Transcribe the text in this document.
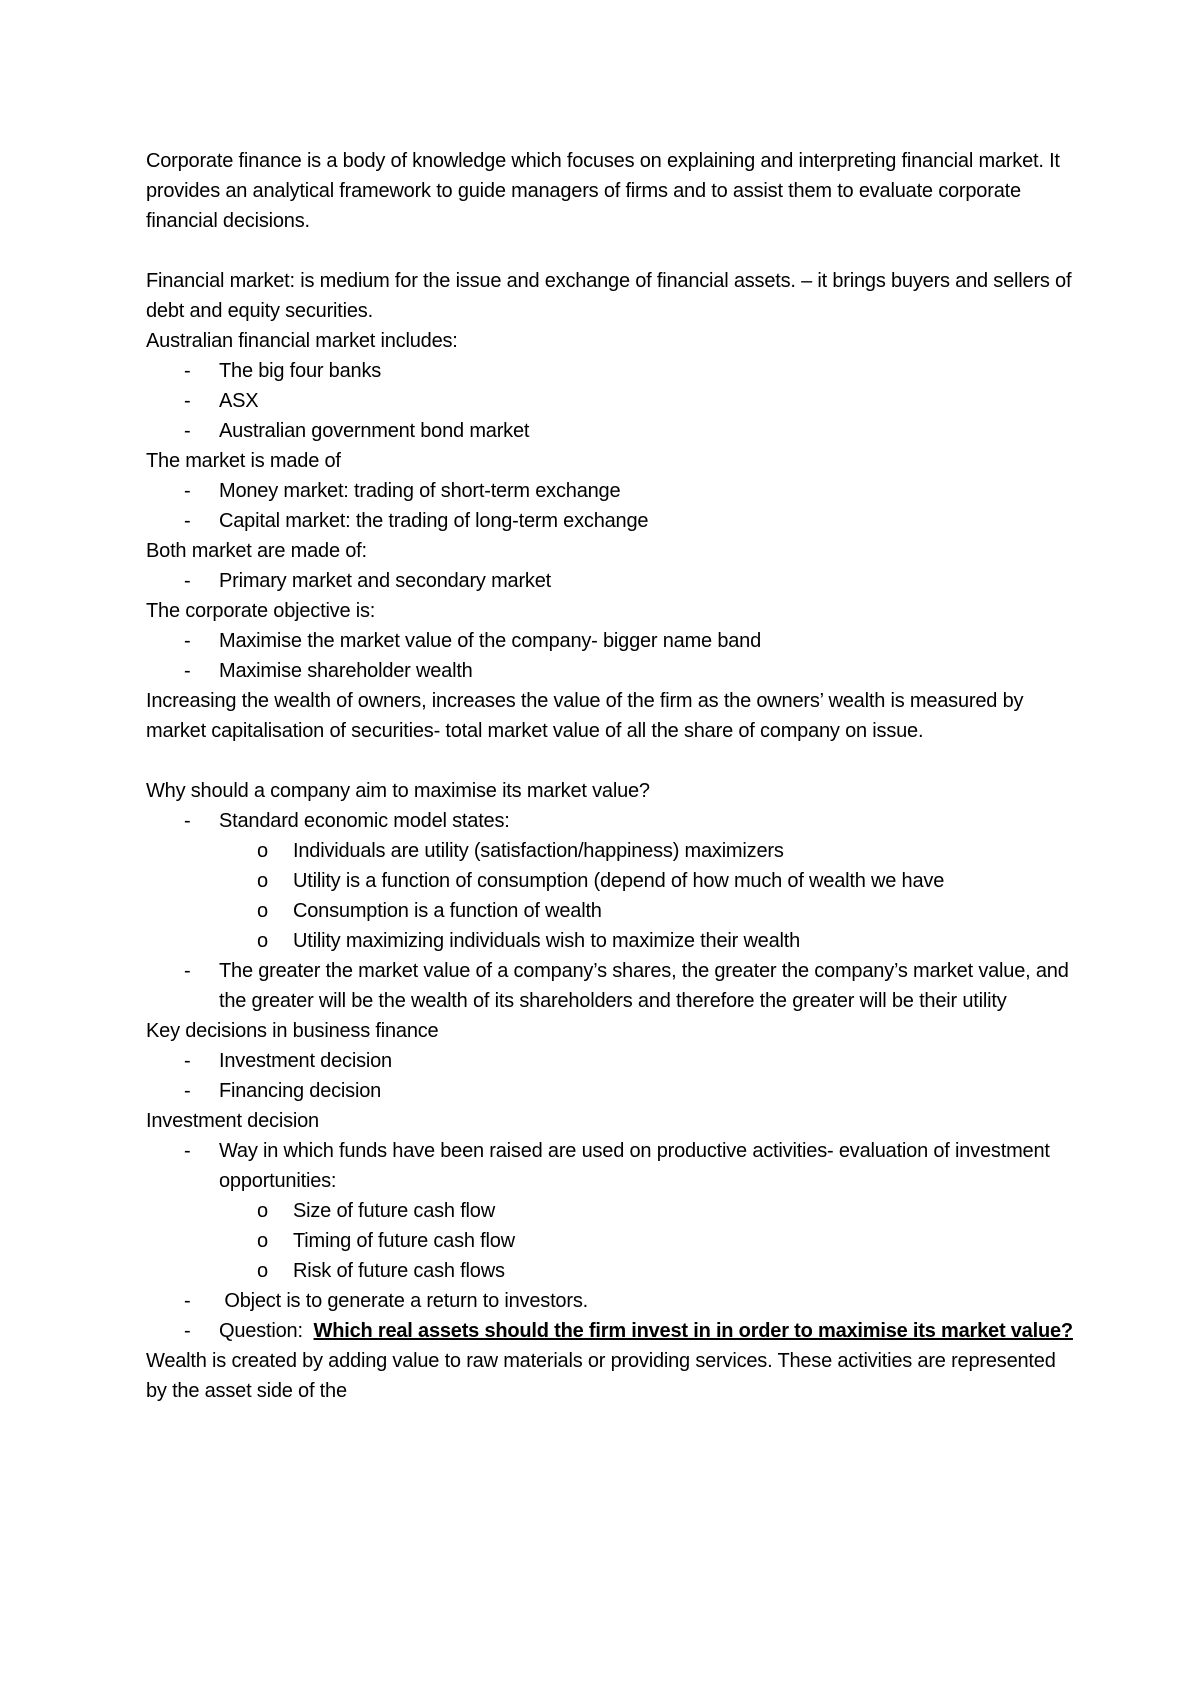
Corporate finance is a body of knowledge which focuses on explaining and interpreting financial market. It provides an analytical framework to guide managers of firms and to assist them to evaluate corporate financial decisions.

Financial market: is medium for the issue and exchange of financial assets. – it brings buyers and sellers of debt and equity securities.

Australian financial market includes:

- The big four banks
- ASX
- Australian government bond market

The market is made of

- Money market: trading of short-term exchange
- Capital market: the trading of long-term exchange

Both market are made of:

- Primary market and secondary market

The corporate objective is:

- Maximise the market value of the company- bigger name band
- Maximise shareholder wealth

Increasing the wealth of owners, increases the value of the firm as the owners’ wealth is measured by market capitalisation of securities- total market value of all the share of company on issue.

Why should a company aim to maximise its market value?

- Standard economic model states:
o Individuals are utility (satisfaction/happiness) maximizers
o Utility is a function of consumption (depend of how much of wealth we have
o Consumption is a function of wealth
o Utility maximizing individuals wish to maximize their wealth
- The greater the market value of a company’s shares, the greater the company’s market value, and the greater will be the wealth of its shareholders and therefore the greater will be their utility

Key decisions in business finance

- Investment decision
- Financing decision

Investment decision

- Way in which funds have been raised are used on productive activities- evaluation of investment opportunities:
o Size of future cash flow
o Timing of future cash flow
o Risk of future cash flows
- Object is to generate a return to investors.
- Question:  Which real assets should the firm invest in in order to maximise its market value?

Wealth is created by adding value to raw materials or providing services. These activities are represented by the asset side of the
